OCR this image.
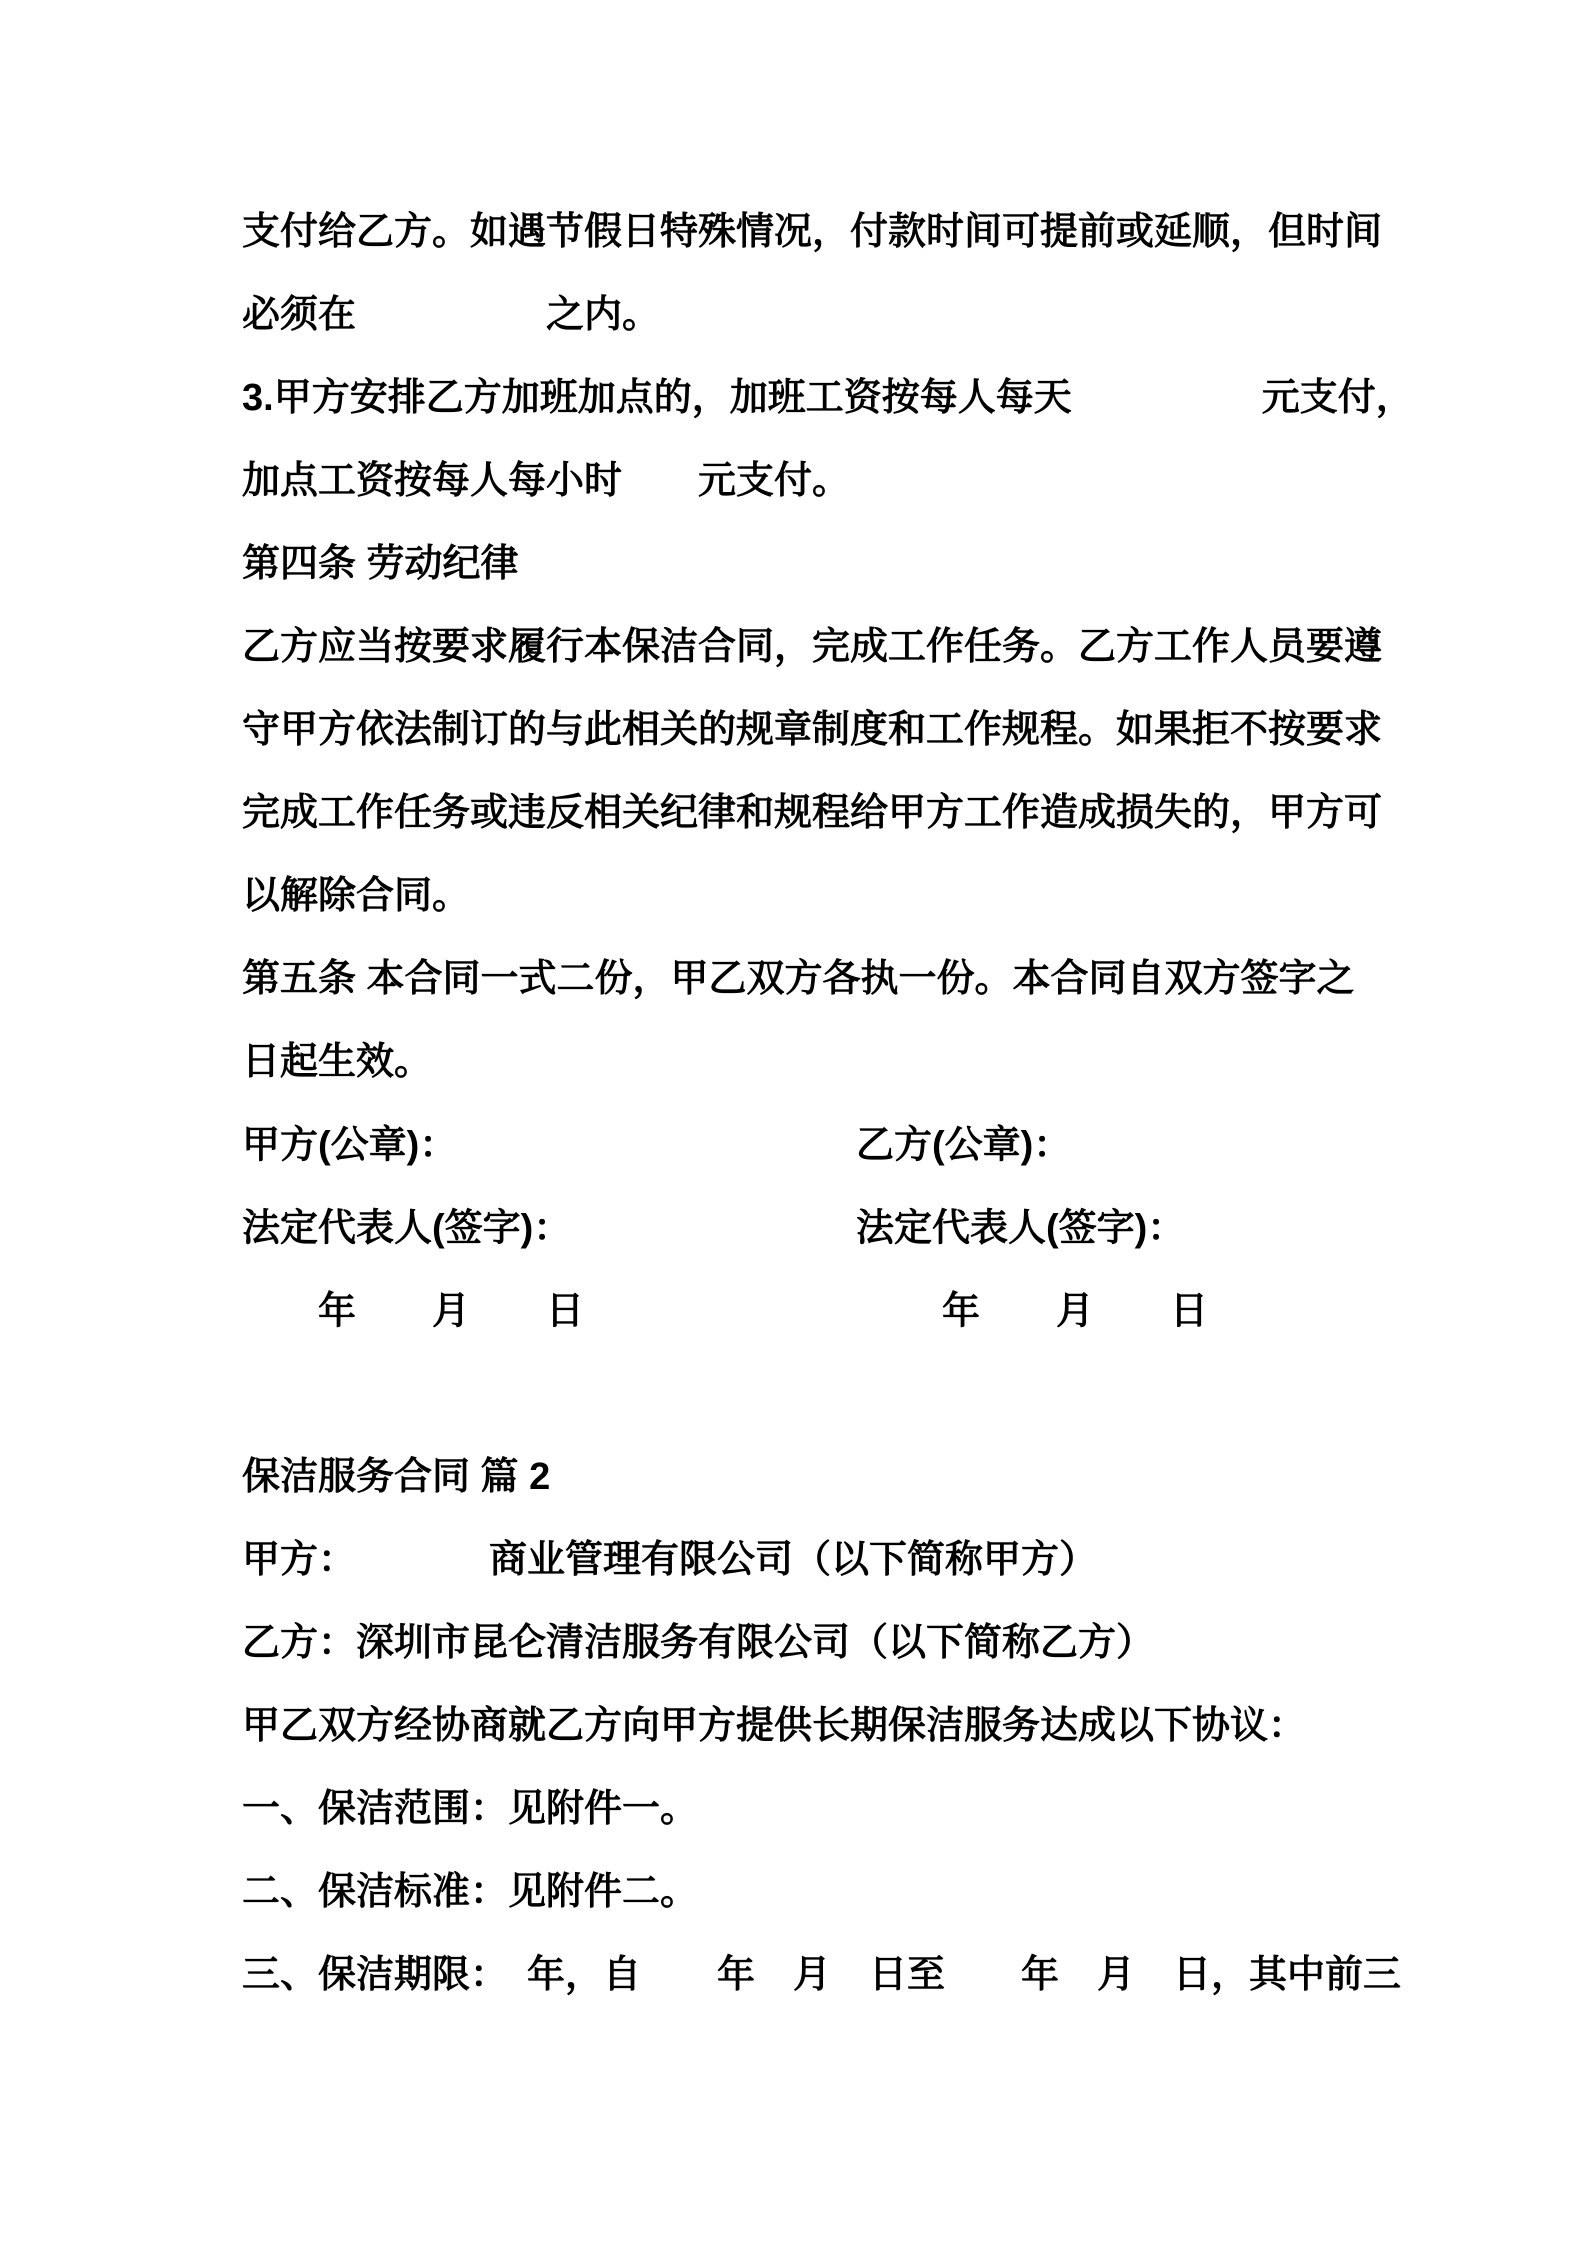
支付给乙方。如遇节假日特殊情况，付款时间可提前或延顺，但时间
必须在　　　　　之内。
3.甲方安排乙方加班加点的，加班工资按每人每天　　　　　元支付，
加点工资按每人每小时　　元支付。
第四条 劳动纪律
乙方应当按要求履行本保洁合同，完成工作任务。乙方工作人员要遵
守甲方依法制订的与此相关的规章制度和工作规程。如果拒不按要求
完成工作任务或违反相关纪律和规程给甲方工作造成损失的，甲方可
以解除合同。
第五条 本合同一式二份，甲乙双方各执一份。本合同自双方签字之
日起生效。
甲方(公章)：	乙方(公章)：
法定代表人(签字)：	法定代表人(签字)：
年　　月　　日	年　　月　　日
保洁服务合同 篇 2
甲方：　　　　商业管理有限公司（以下简称甲方）
乙方：深圳市昆仑清洁服务有限公司（以下简称乙方）
甲乙双方经协商就乙方向甲方提供长期保洁服务达成以下协议：
一、保洁范围：见附件一。
二、保洁标准：见附件二。
三、保洁期限：　年，自　　年　月　日至　　年　月　日，其中前三
